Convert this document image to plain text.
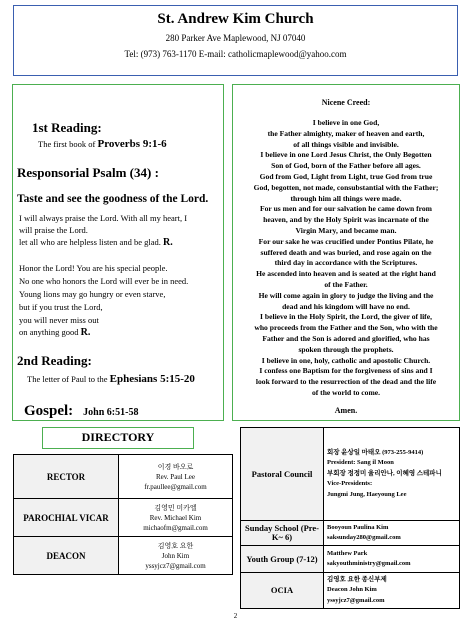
St. Andrew Kim Church
280 Parker Ave Maplewood, NJ 07040
Tel: (973) 763-1170 E-mail: catholicmaplewood@yahoo.com
1st Reading:
The first book of Proverbs 9:1-6
Responsorial Psalm (34) :
Taste and see the goodness of the Lord.
I will always praise the Lord. With all my heart, I
will praise the Lord.
let all who are helpless listen and be glad. R.
Honor the Lord! You are his special people.
No one who honors the Lord will ever be in need.
Young lions may go hungry or even starve,
but if you trust the Lord,
you will never miss out
on anything good R.
2nd Reading:
The letter of Paul to the Ephesians 5:15-20
Gospel: John 6:51-58
Nicene Creed:
I believe in one God,
the Father almighty, maker of heaven and earth,
of all things visible and invisible.
I believe in one Lord Jesus Christ, the Only Begotten
Son of God, born of the Father before all ages.
God from God, Light from Light, true God from true
God, begotten, not made, consubstantial with the Father;
through him all things were made.
For us men and for our salvation he came down from
heaven, and by the Holy Spirit was incarnate of the
Virgin Mary, and became man.
For our sake he was crucified under Pontius Pilate, he
suffered death and was buried, and rose again on the
third day in accordance with the Scriptures.
He ascended into heaven and is seated at the right hand
of the Father.
He will come again in glory to judge the living and the
dead and his kingdom will have no end.
I believe in the Holy Spirit, the Lord, the giver of life,
who proceeds from the Father and the Son, who with the
Father and the Son is adored and glorified, who has
spoken through the prophets.
I believe in one, holy, catholic and apostolic Church.
I confess one Baptism for the forgiveness of sins and I
look forward to the resurrection of the dead and the life
of the world to come.
Amen.
DIRECTORY
RECTOR	이경 바오로
Rev. Paul Lee
fr.paullee@gmail.com

PAROCHIAL VICAR	김영민 미카엘
Rev. Michael Kim
michaofm@gmail.com

DEACON	김영호 요한
John Kim
yssyjcz7@gmail.com
Pastoral Council	회장 윤상일 마태오 (973-255-9414)
President: Sang il Moon
부회장 정정미 율리안나, 이혜영 스테파니
Vice-Presidents:
Jungmi Jung, Haeyoung Lee

Sunday School (Pre-K~ 6)	Booyoun Paulina Kim
saksunday280@gmail.com

Youth Group (7-12)	Matthew Park
sakyouthministry@gmail.com

OCIA	김영호 요한 종신부제
Deacon John Kim
yssyjcz7@gmail.com
2
